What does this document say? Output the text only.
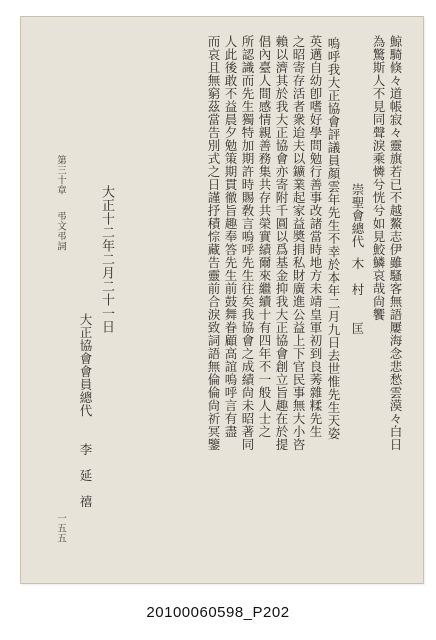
鯨騎倏々道帳寂々靈旗若已不越鰲志伊雖騷客無語屢海念悲愁雲漠々白日
為驚斯人不見同聲淚乘憐兮恍兮如見鮫鱗哀哉尙饗
崇聖會總代
木　村　　匡
嗚呼我大正協會評議員顏雲年先生不幸於本年二月九日去世惟先生天姿
英邁自幼卽嗜好學問勉行善事改諸當時地方未靖皇軍初到良莠雜糅先生
之昭寄存活者衆迨夫以鑛業起家益奬捐私財廣進公益上下官民事無大小咨
賴以濟其於我大正協會亦寄附千圓以爲基金抑我大正協會創立旨趣在於提
倡內臺人間感情親善務集共存共榮實績爾來繼續十有四年不一般人士之
所認識而先生獨特加期許時賜敎言嗚呼先生往矣我協會之成績尙未昭著同
人此後敢不益晨夕勉策期貫徹旨趣奉答先生前鼓舞眷顧高誼嗚呼言有盡
而哀且無窮茲當告別式之日謹抒積悰藏告靈前合淚致詞語無倫倫尙祈冥鑒
大正十二年二月二十一日
大正協會會員總代
李　延　禧
第三十章
弔文弔詞
一五五
20100060598_P202
